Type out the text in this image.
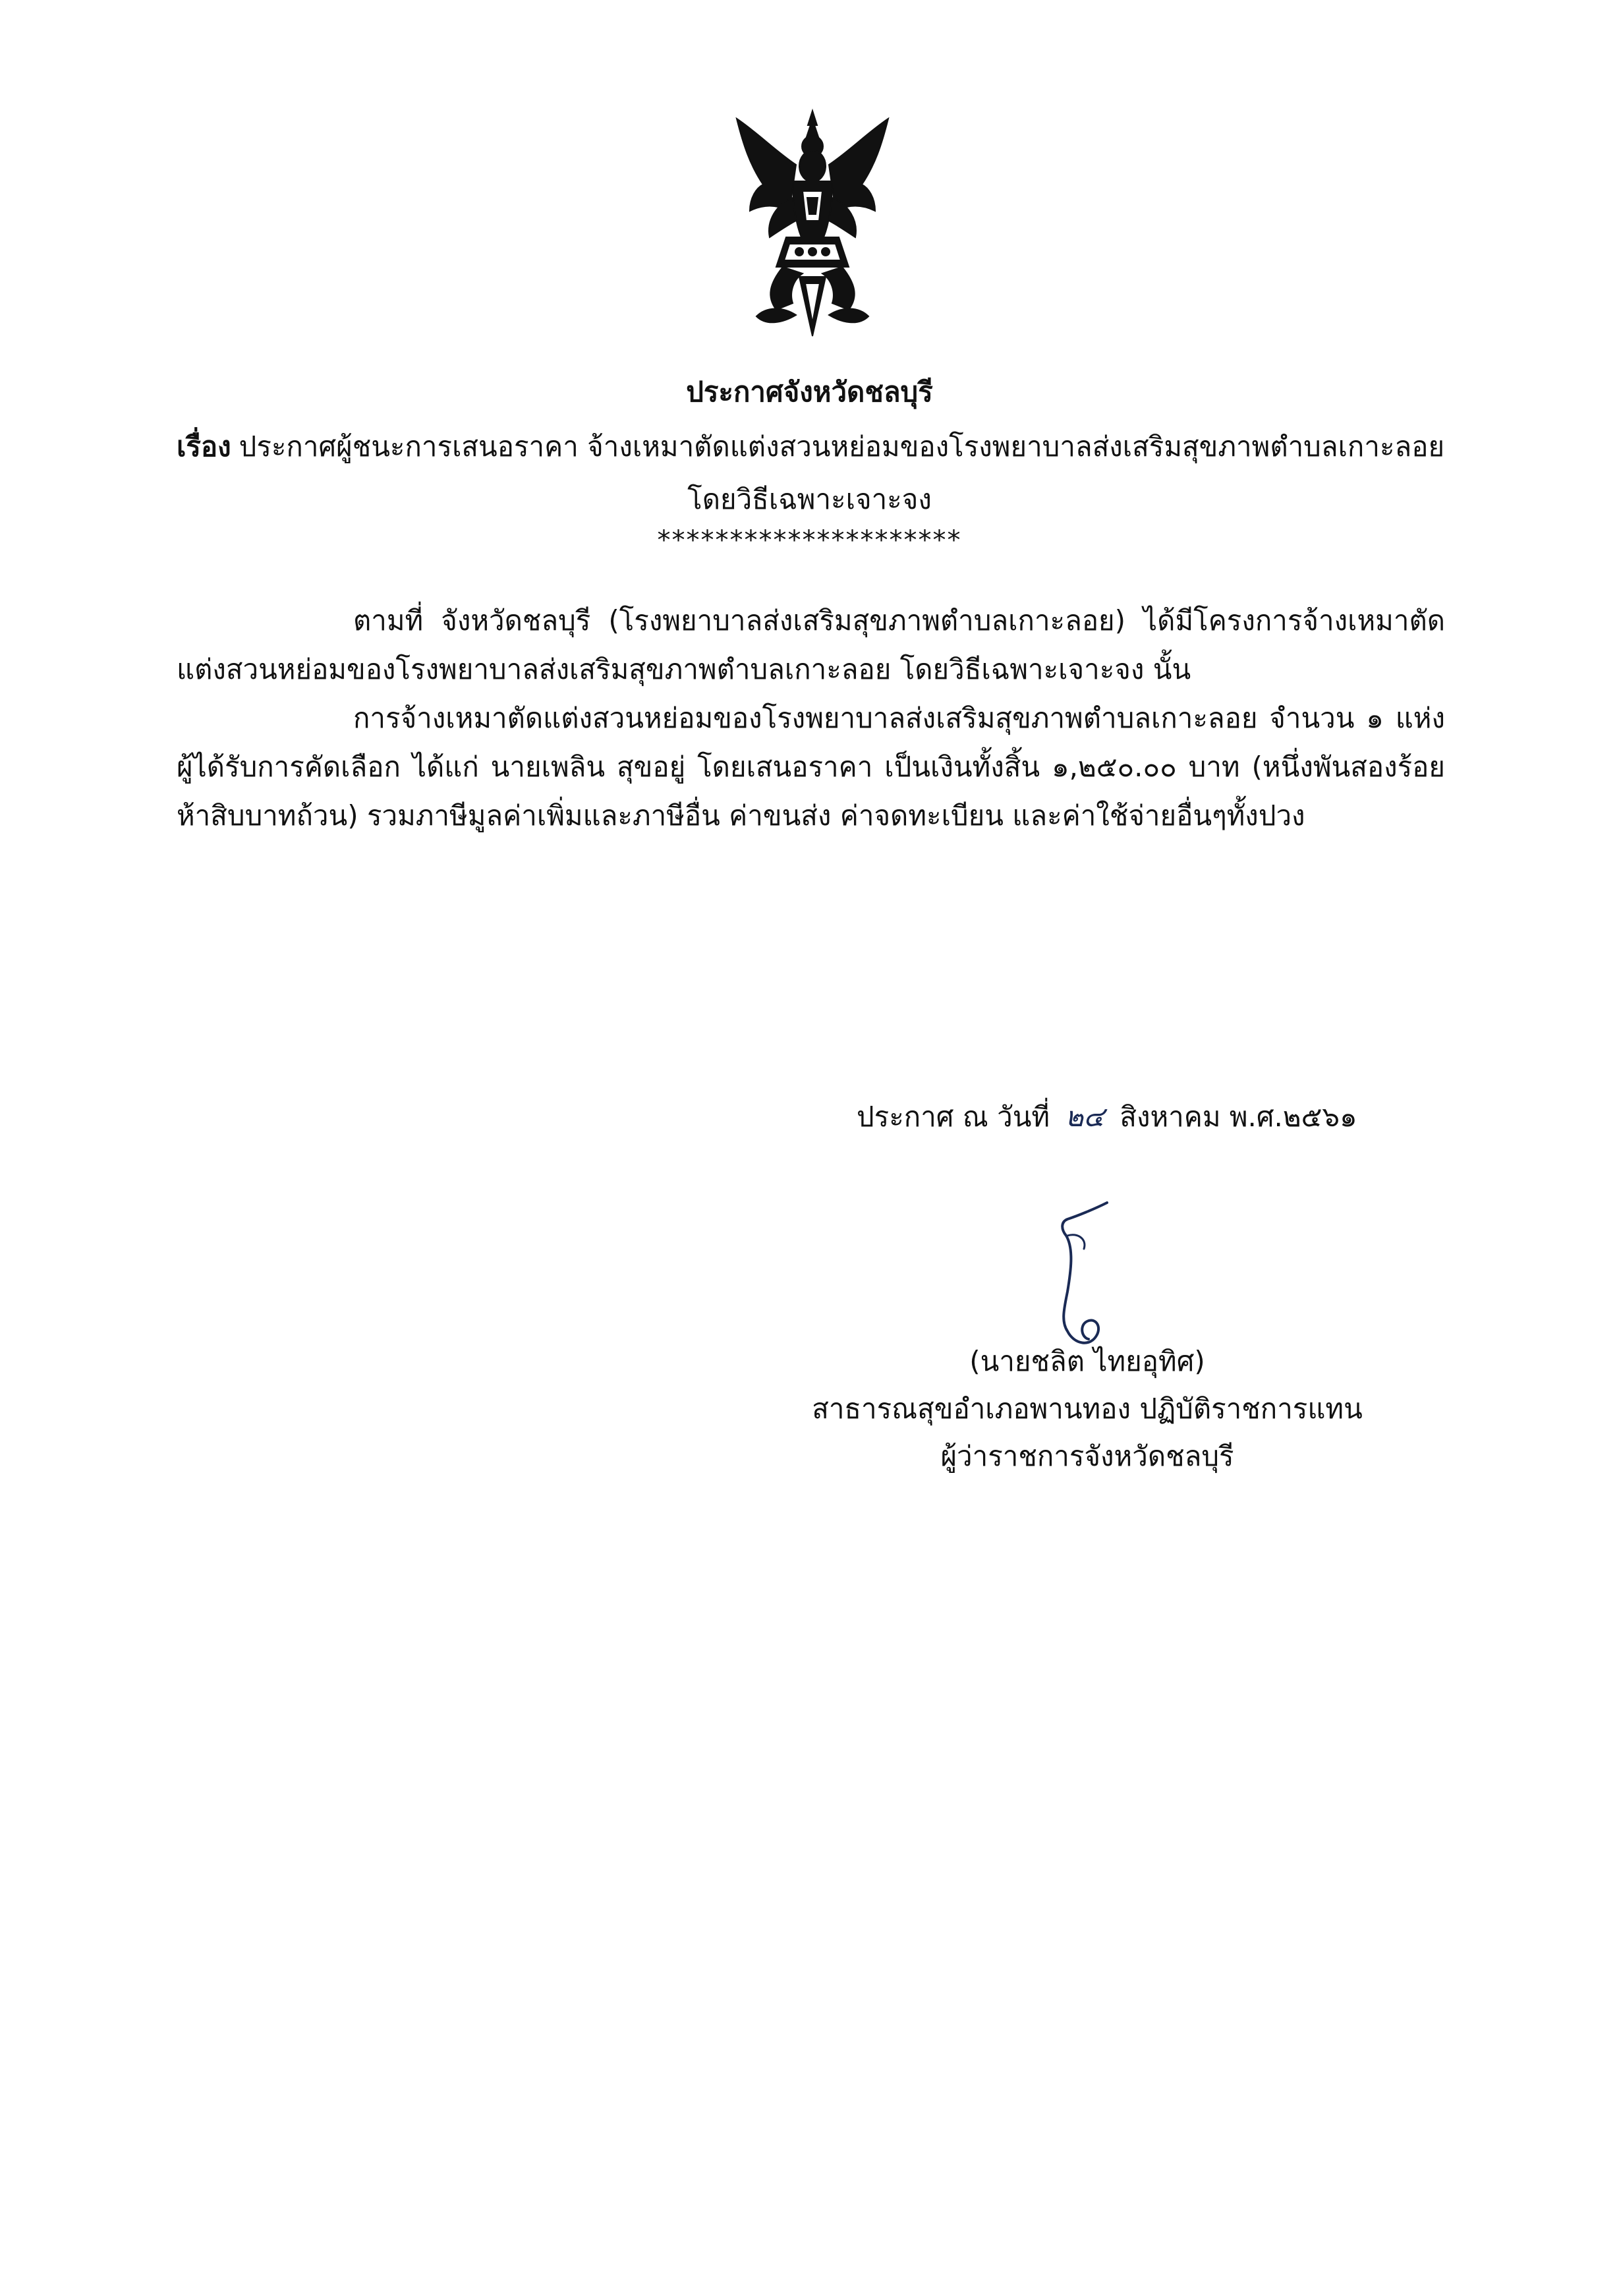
ประกาศจังหวัดชลบุรี
เรื่อง ประกาศผู้ชนะการเสนอราคา จ้างเหมาตัดแต่งสวนหย่อมของโรงพยาบาลส่งเสริมสุขภาพตำบลเกาะลอย
โดยวิธีเฉพาะเจาะจง
*********************

ตามที่ จังหวัดชลบุรี (โรงพยาบาลส่งเสริมสุขภาพตำบลเกาะลอย) ได้มีโครงการจ้างเหมาตัดแต่งสวนหย่อมของโรงพยาบาลส่งเสริมสุขภาพตำบลเกาะลอย โดยวิธีเฉพาะเจาะจง นั้น

การจ้างเหมาตัดแต่งสวนหย่อมของโรงพยาบาลส่งเสริมสุขภาพตำบลเกาะลอย จำนวน ๑ แห่ง ผู้ได้รับการคัดเลือก ได้แก่ นายเพลิน สุขอยู่ โดยเสนอราคา เป็นเงินทั้งสิ้น ๑,๒๕๐.๐๐ บาท (หนึ่งพันสองร้อยห้าสิบบาทถ้วน) รวมภาษีมูลค่าเพิ่มและภาษีอื่น ค่าขนส่ง ค่าจดทะเบียน และค่าใช้จ่ายอื่นๆทั้งปวง

ประกาศ ณ วันที่ ๒๔ สิงหาคม พ.ศ.๒๕๖๑
(นายชลิต ไทยอุทิศ)
สาธารณสุขอำเภอพานทอง ปฏิบัติราชการแทน
ผู้ว่าราชการจังหวัดชลบุรี
